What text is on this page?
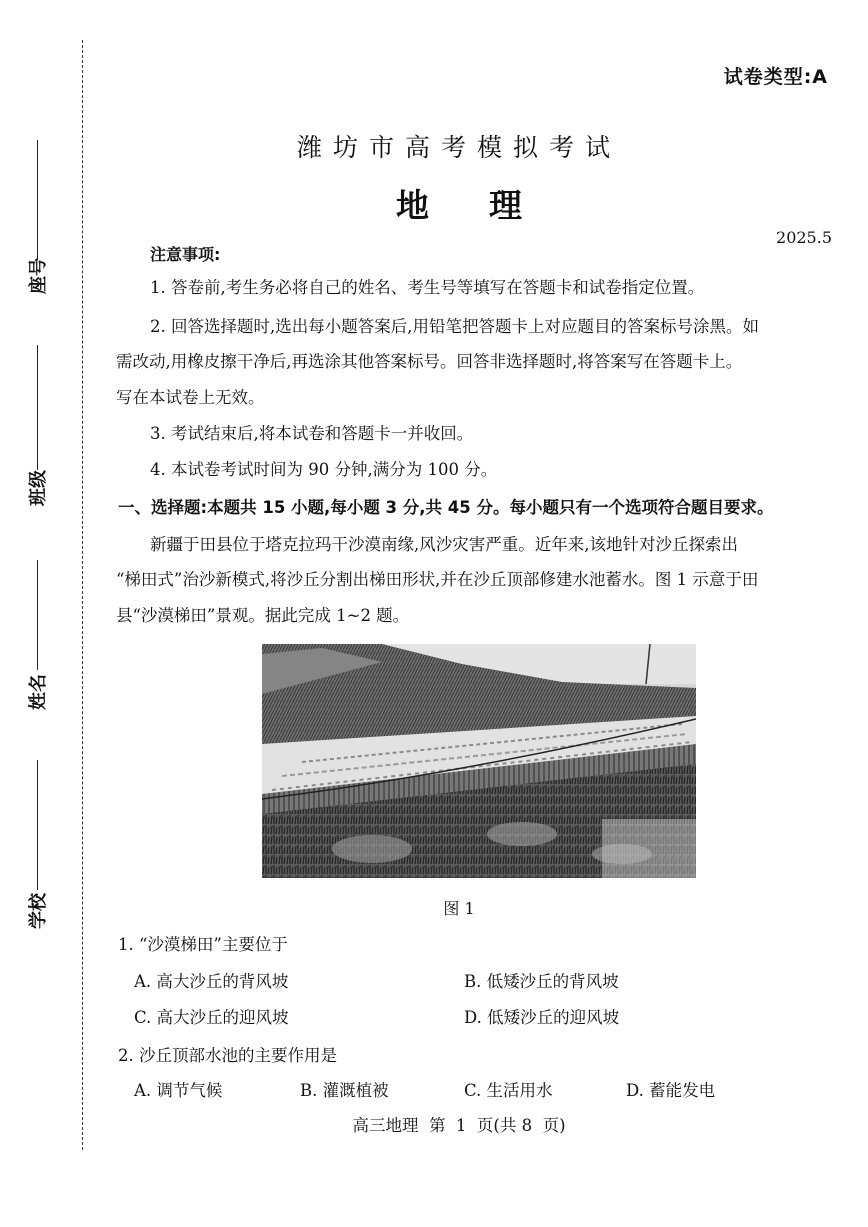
座号
班级
姓名
学校
试卷类型:A
潍坊市高考模拟考试
地理
2025.5
注意事项:
1. 答卷前,考生务必将自己的姓名、考生号等填写在答题卡和试卷指定位置。
2. 回答选择题时,选出每小题答案后,用铅笔把答题卡上对应题目的答案标号涂黑。如
需改动,用橡皮擦干净后,再选涂其他答案标号。回答非选择题时,将答案写在答题卡上。
写在本试卷上无效。
3. 考试结束后,将本试卷和答题卡一并收回。
4. 本试卷考试时间为 90 分钟,满分为 100 分。
一、选择题:本题共 15 小题,每小题 3 分,共 45 分。每小题只有一个选项符合题目要求。
新疆于田县位于塔克拉玛干沙漠南缘,风沙灾害严重。近年来,该地针对沙丘探索出
“梯田式”治沙新模式,将沙丘分割出梯田形状,并在沙丘顶部修建水池蓄水。图 1 示意于田
县“沙漠梯田”景观。据此完成 1~2 题。
图 1
1. “沙漠梯田”主要位于
A. 高大沙丘的背风坡	B. 低矮沙丘的背风坡
C. 高大沙丘的迎风坡	D. 低矮沙丘的迎风坡
2. 沙丘顶部水池的主要作用是
A. 调节气候	B. 灌溉植被	C. 生活用水	D. 蓄能发电
高三地理  第  1  页(共 8  页)
